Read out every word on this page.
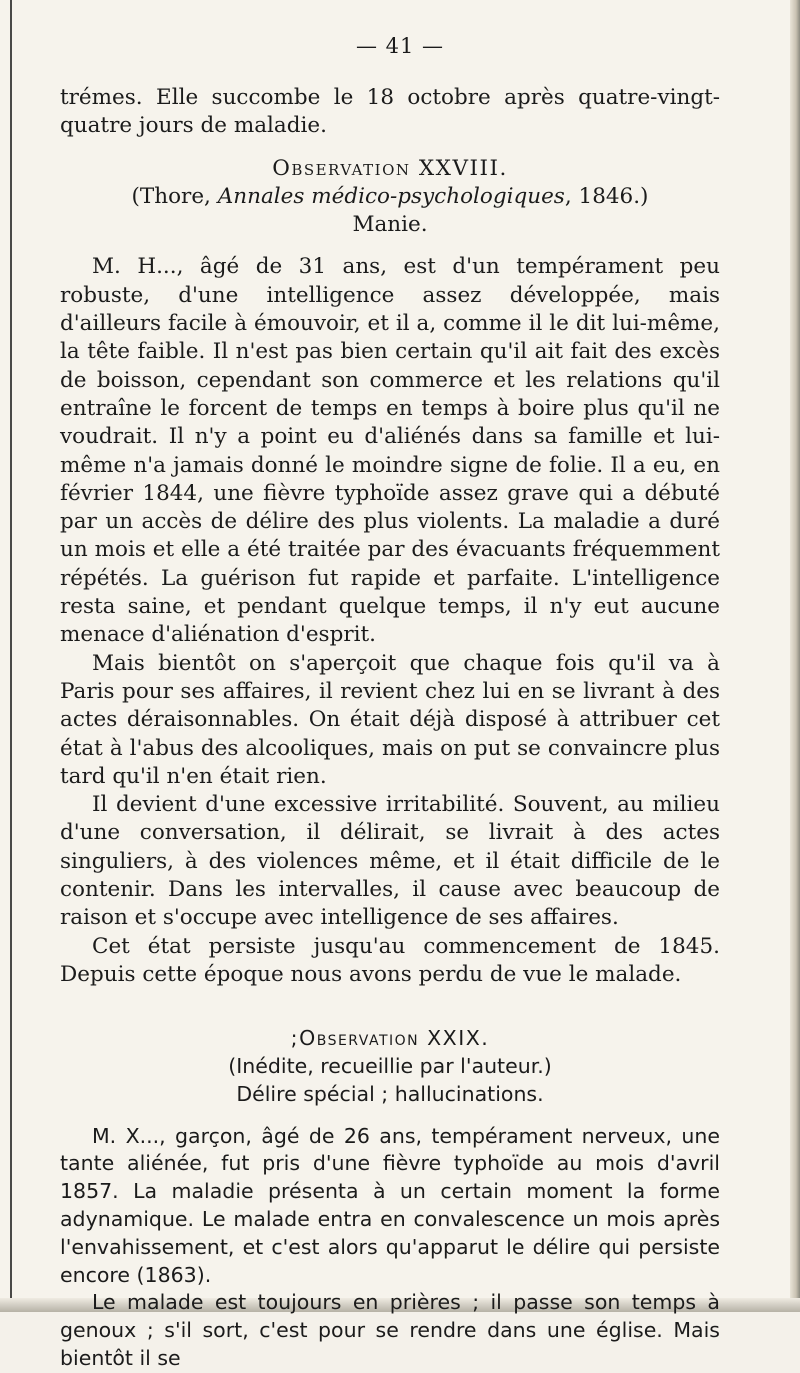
— 41 —

trémes. Elle succombe le 18 octobre après quatre-vingt-quatre jours de maladie.

Observation XXVIII.

(Thore, Annales médico-psychologiques, 1846.)

Manie.

M. H..., âgé de 31 ans, est d'un tempérament peu robuste, d'une intelligence assez développée, mais d'ailleurs facile à émouvoir, et il a, comme il le dit lui-même, la tête faible. Il n'est pas bien certain qu'il ait fait des excès de boisson, cependant son commerce et les relations qu'il entraîne le forcent de temps en temps à boire plus qu'il ne voudrait. Il n'y a point eu d'aliénés dans sa famille et lui-même n'a jamais donné le moindre signe de folie. Il a eu, en février 1844, une fièvre typhoïde assez grave qui a débuté par un accès de délire des plus violents. La maladie a duré un mois et elle a été traitée par des évacuants fréquemment répétés. La guérison fut rapide et parfaite. L'intelligence resta saine, et pendant quelque temps, il n'y eut aucune menace d'aliénation d'esprit.

Mais bientôt on s'aperçoit que chaque fois qu'il va à Paris pour ses affaires, il revient chez lui en se livrant à des actes déraisonnables. On était déjà disposé à attribuer cet état à l'abus des alcooliques, mais on put se convaincre plus tard qu'il n'en était rien.

Il devient d'une excessive irritabilité. Souvent, au milieu d'une conversation, il délirait, se livrait à des actes singuliers, à des violences même, et il était difficile de le contenir. Dans les intervalles, il cause avec beaucoup de raison et s'occupe avec intelligence de ses affaires.

Cet état persiste jusqu'au commencement de 1845. Depuis cette époque nous avons perdu de vue le malade.

;Observation XXIX.

(Inédite, recueillie par l'auteur.)

Délire spécial ; hallucinations.

M. X..., garçon, âgé de 26 ans, tempérament nerveux, une tante aliénée, fut pris d'une fièvre typhoïde au mois d'avril 1857. La maladie présenta à un certain moment la forme adynamique. Le malade entra en convalescence un mois après l'envahissement, et c'est alors qu'apparut le délire qui persiste encore (1863).

Le malade est toujours en prières ; il passe son temps à genoux ; s'il sort, c'est pour se rendre dans une église. Mais bientôt il se
